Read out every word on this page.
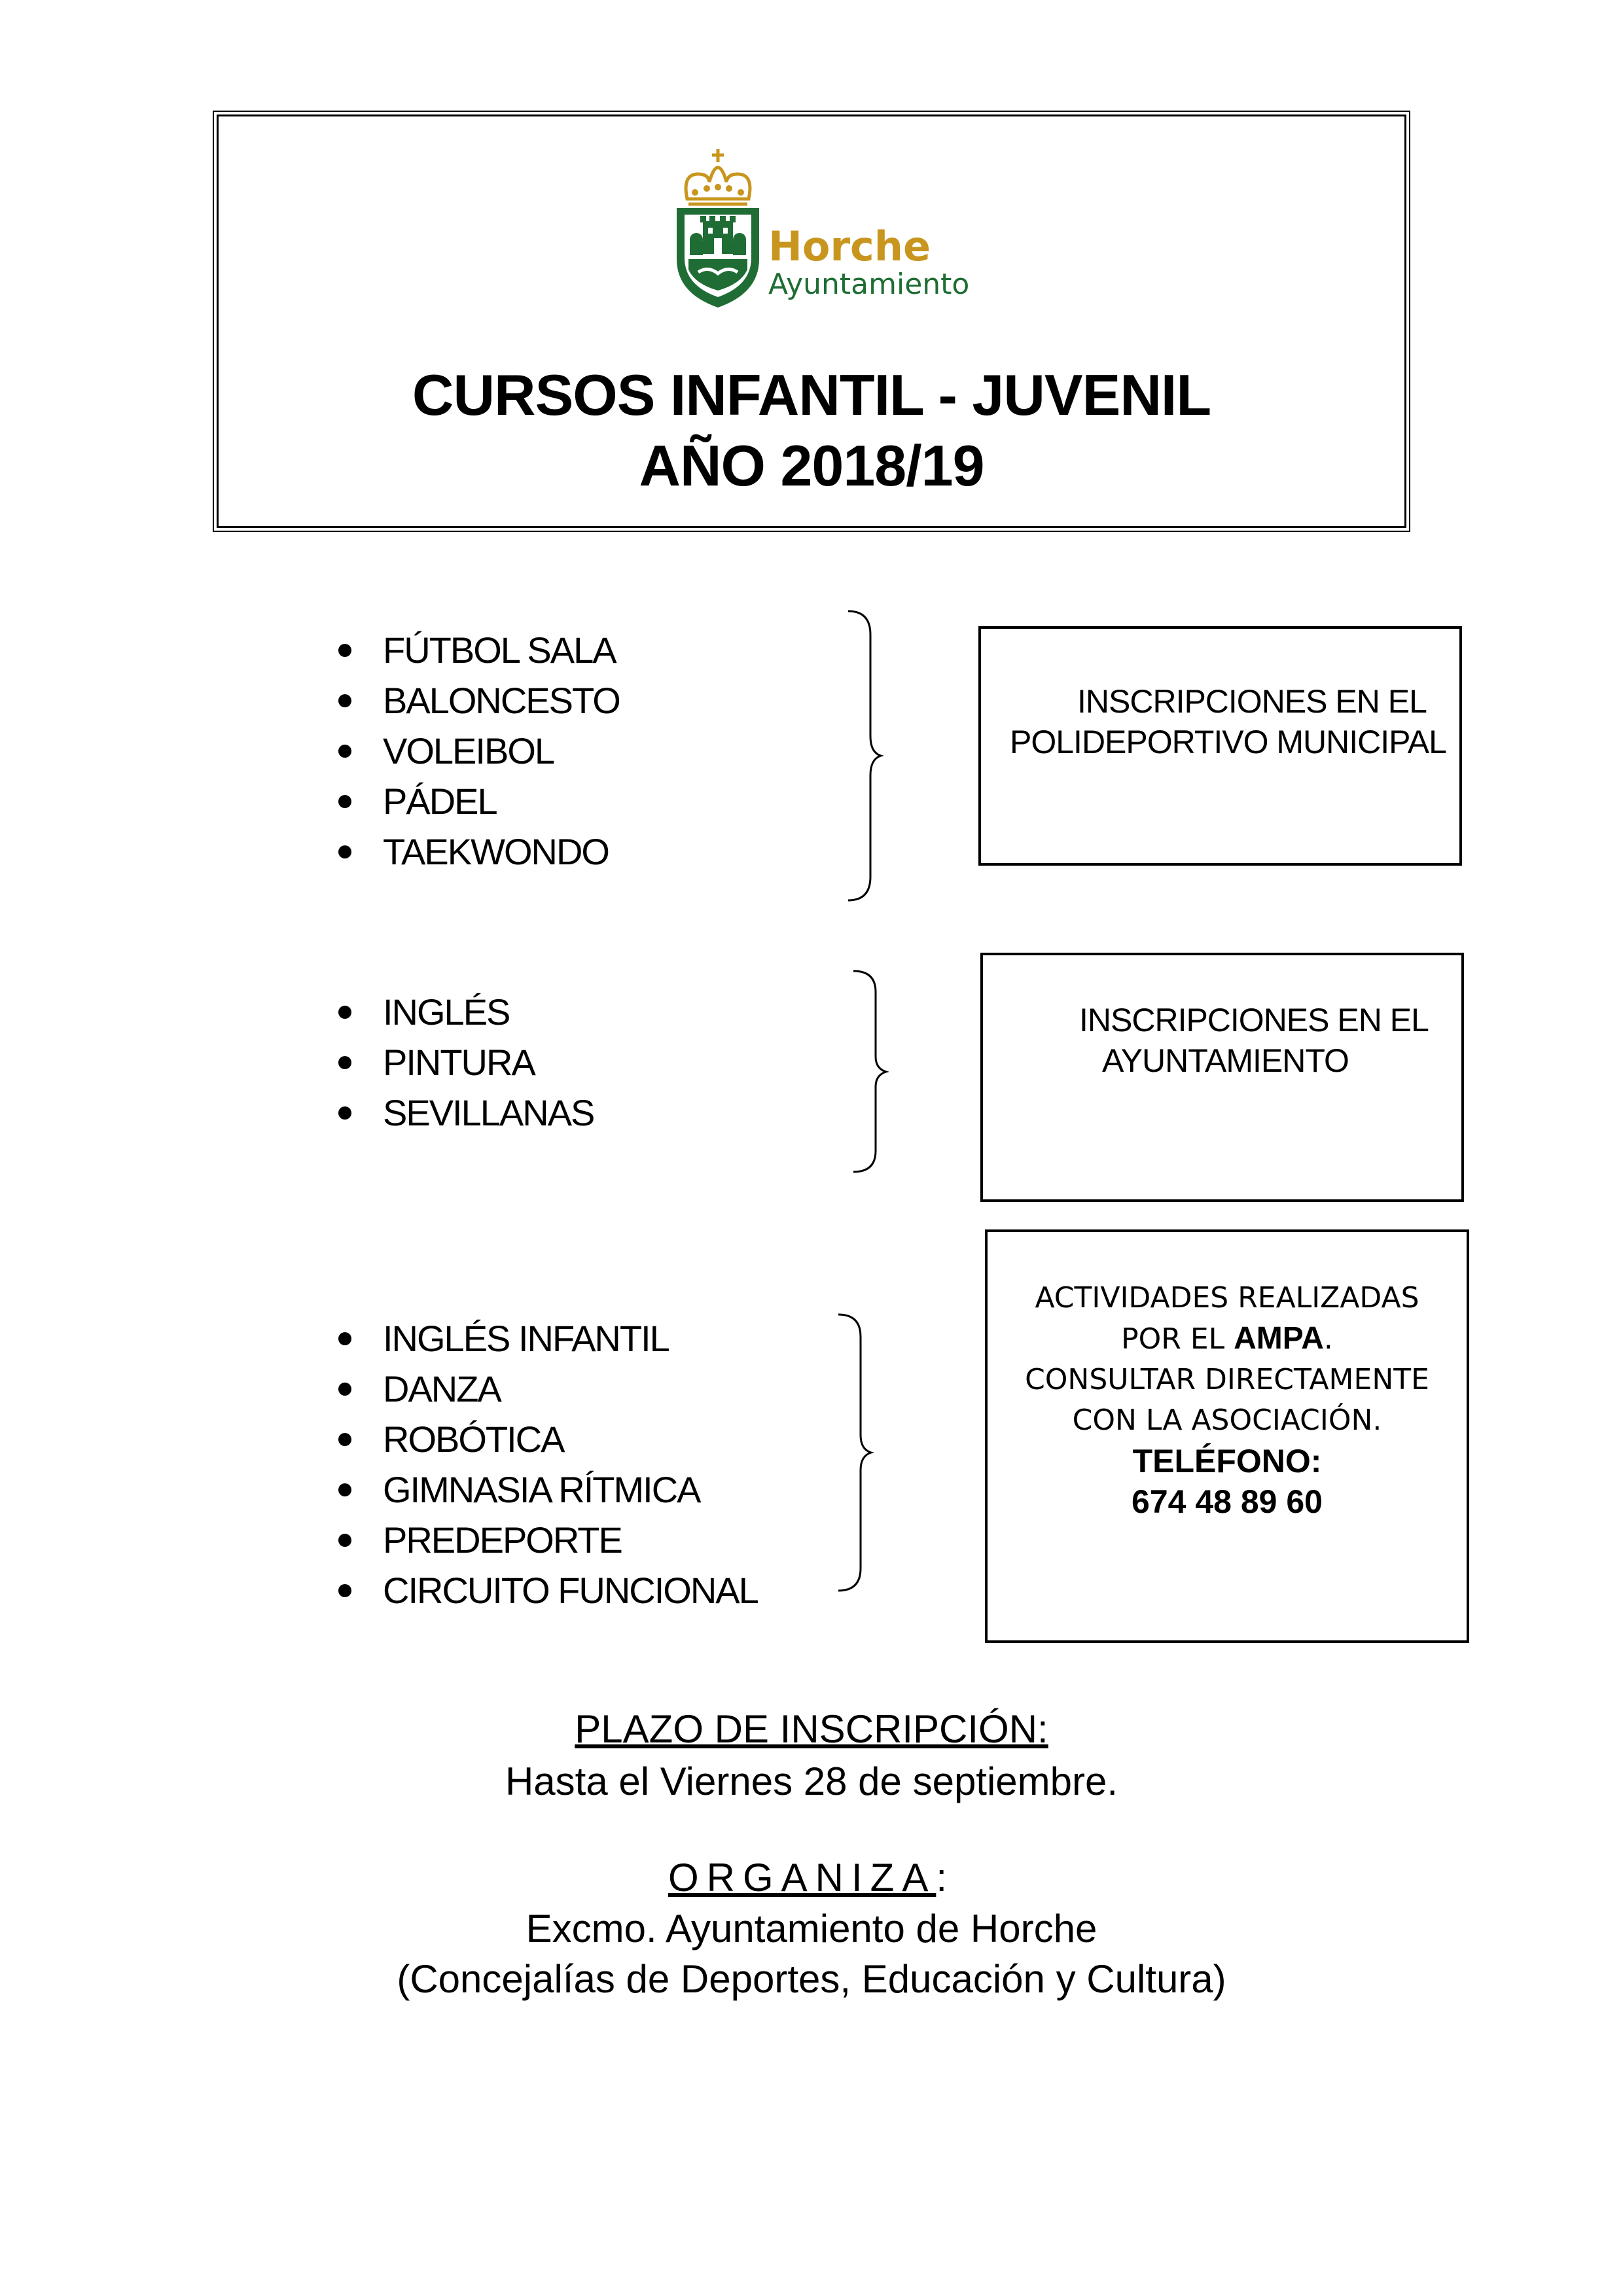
Horche

Ayuntamiento

CURSOS INFANTIL - JUVENIL
AÑO 2018/19
FÚTBOL SALA
BALONCESTO
VOLEIBOL
PÁDEL
TAEKWONDO

INSCRIPCIONES EN EL

POLIDEPORTIVO MUNICIPAL

INGLÉS
PINTURA
SEVILLANAS

INSCRIPCIONES EN EL

AYUNTAMIENTO

INGLÉS INFANTIL
DANZA
ROBÓTICA
GIMNASIA RÍTMICA
PREDEPORTE
CIRCUITO FUNCIONAL

ACTIVIDADES REALIZADAS

POR EL AMPA.

CONSULTAR DIRECTAMENTE

CON LA ASOCIACIÓN.

TELÉFONO:

674 48 89 60

PLAZO DE INSCRIPCIÓN:

Hasta el Viernes 28 de septiembre.

ORGANIZA:

Excmo. Ayuntamiento de Horche

(Concejalías de Deportes, Educación y Cultura)
